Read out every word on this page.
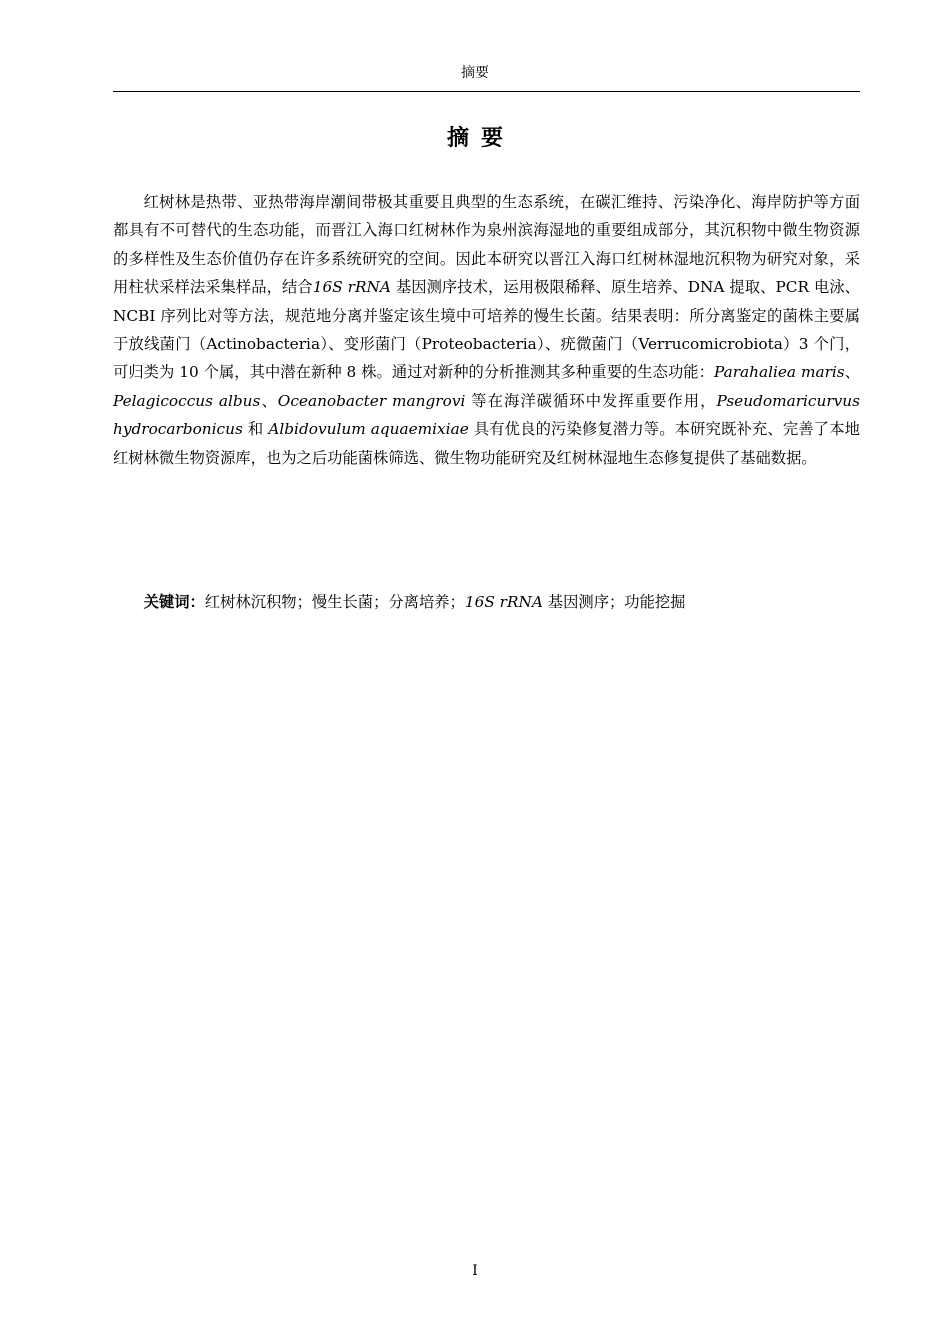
摘要
摘要

红树林是热带、亚热带海岸潮间带极其重要且典型的生态系统，在碳汇维持、污染净化、海岸防护等方面都具有不可替代的生态功能，而晋江入海口红树林作为泉州滨海湿地的重要组成部分，其沉积物中微生物资源的多样性及生态价值仍存在许多系统研究的空间。因此本研究以晋江入海口红树林湿地沉积物为研究对象，采用柱状采样法采集样品，结合16S rRNA 基因测序技术，运用极限稀释、原生培养、DNA 提取、PCR 电泳、NCBI 序列比对等方法，规范地分离并鉴定该生境中可培养的慢生长菌。结果表明：所分离鉴定的菌株主要属于放线菌门（Actinobacteria）、变形菌门（Proteobacteria）、疣微菌门（Verrucomicrobiota）3 个门，可归类为 10 个属，其中潜在新种 8 株。通过对新种的分析推测其多种重要的生态功能：Parahaliea maris、Pelagicoccus albus、Oceanobacter mangrovi 等在海洋碳循环中发挥重要作用，Pseudomaricurvus hydrocarbonicus 和 Albidovulum aquaemixiae 具有优良的污染修复潜力等。本研究既补充、完善了本地红树林微生物资源库，也为之后功能菌株筛选、微生物功能研究及红树林湿地生态修复提供了基础数据。

关键词：红树林沉积物；慢生长菌；分离培养；16S rRNA 基因测序；功能挖掘

I
